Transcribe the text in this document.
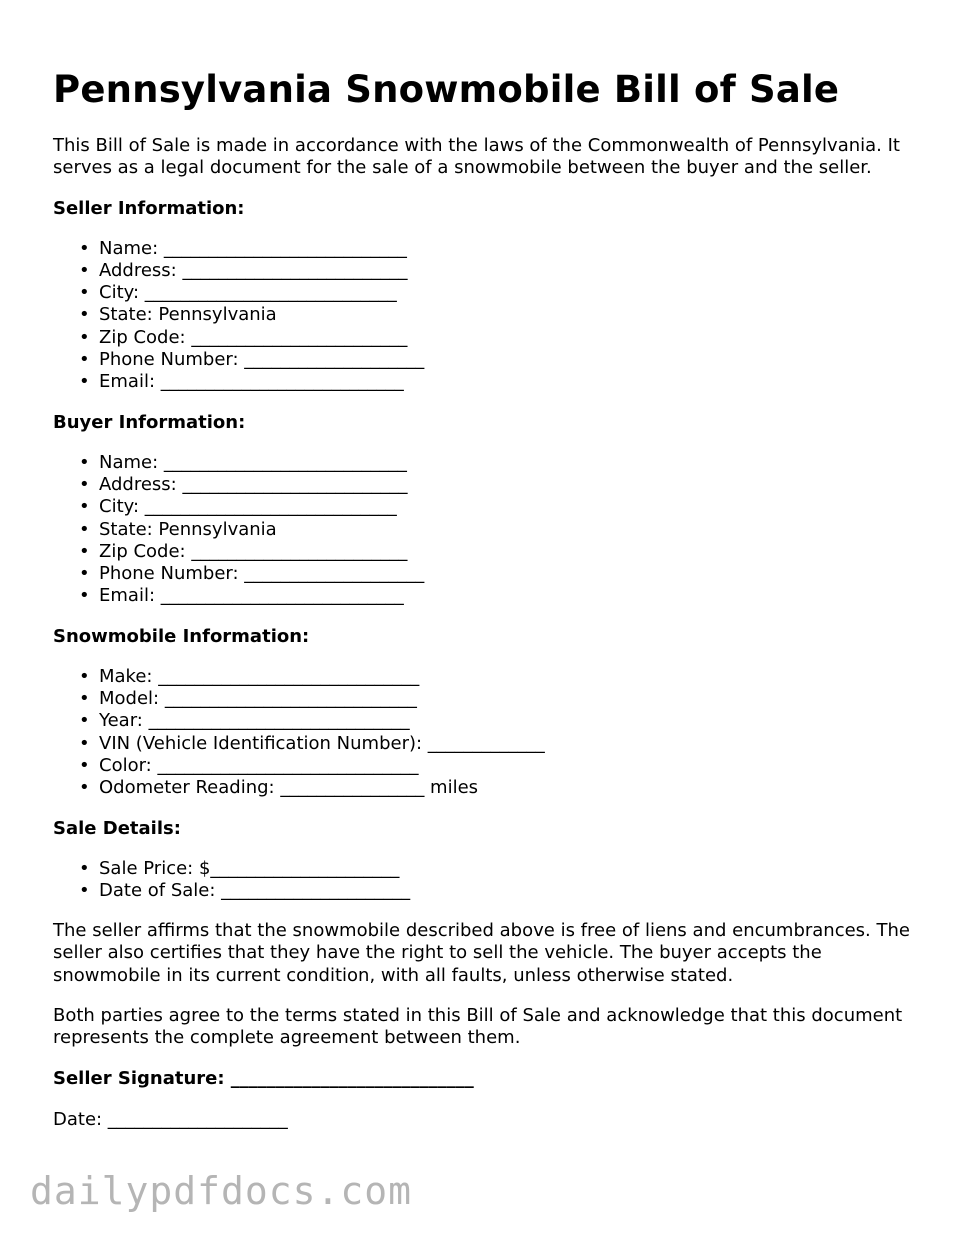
Pennsylvania Snowmobile Bill of Sale

This Bill of Sale is made in accordance with the laws of the Commonwealth of Pennsylvania. It serves as a legal document for the sale of a snowmobile between the buyer and the seller.

Seller Information:
• Name: ___________________________
• Address: _________________________
• City: ____________________________
• State: Pennsylvania
• Zip Code: ________________________
• Phone Number: ____________________
• Email: ___________________________
Buyer Information:
• Name: ___________________________
• Address: _________________________
• City: ____________________________
• State: Pennsylvania
• Zip Code: ________________________
• Phone Number: ____________________
• Email: ___________________________
Snowmobile Information:
• Make: _____________________________
• Model: ____________________________
• Year: _____________________________
• VIN (Vehicle Identification Number): _____________
• Color: _____________________________
• Odometer Reading: ________________ miles
Sale Details:
• Sale Price: $_____________________
• Date of Sale: _____________________

The seller affirms that the snowmobile described above is free of liens and encumbrances. The seller also certifies that they have the right to sell the vehicle. The buyer accepts the snowmobile in its current condition, with all faults, unless otherwise stated.

Both parties agree to the terms stated in this Bill of Sale and acknowledge that this document represents the complete agreement between them.

Seller Signature: ___________________________
Date: ____________________
dailypdfdocs.com
